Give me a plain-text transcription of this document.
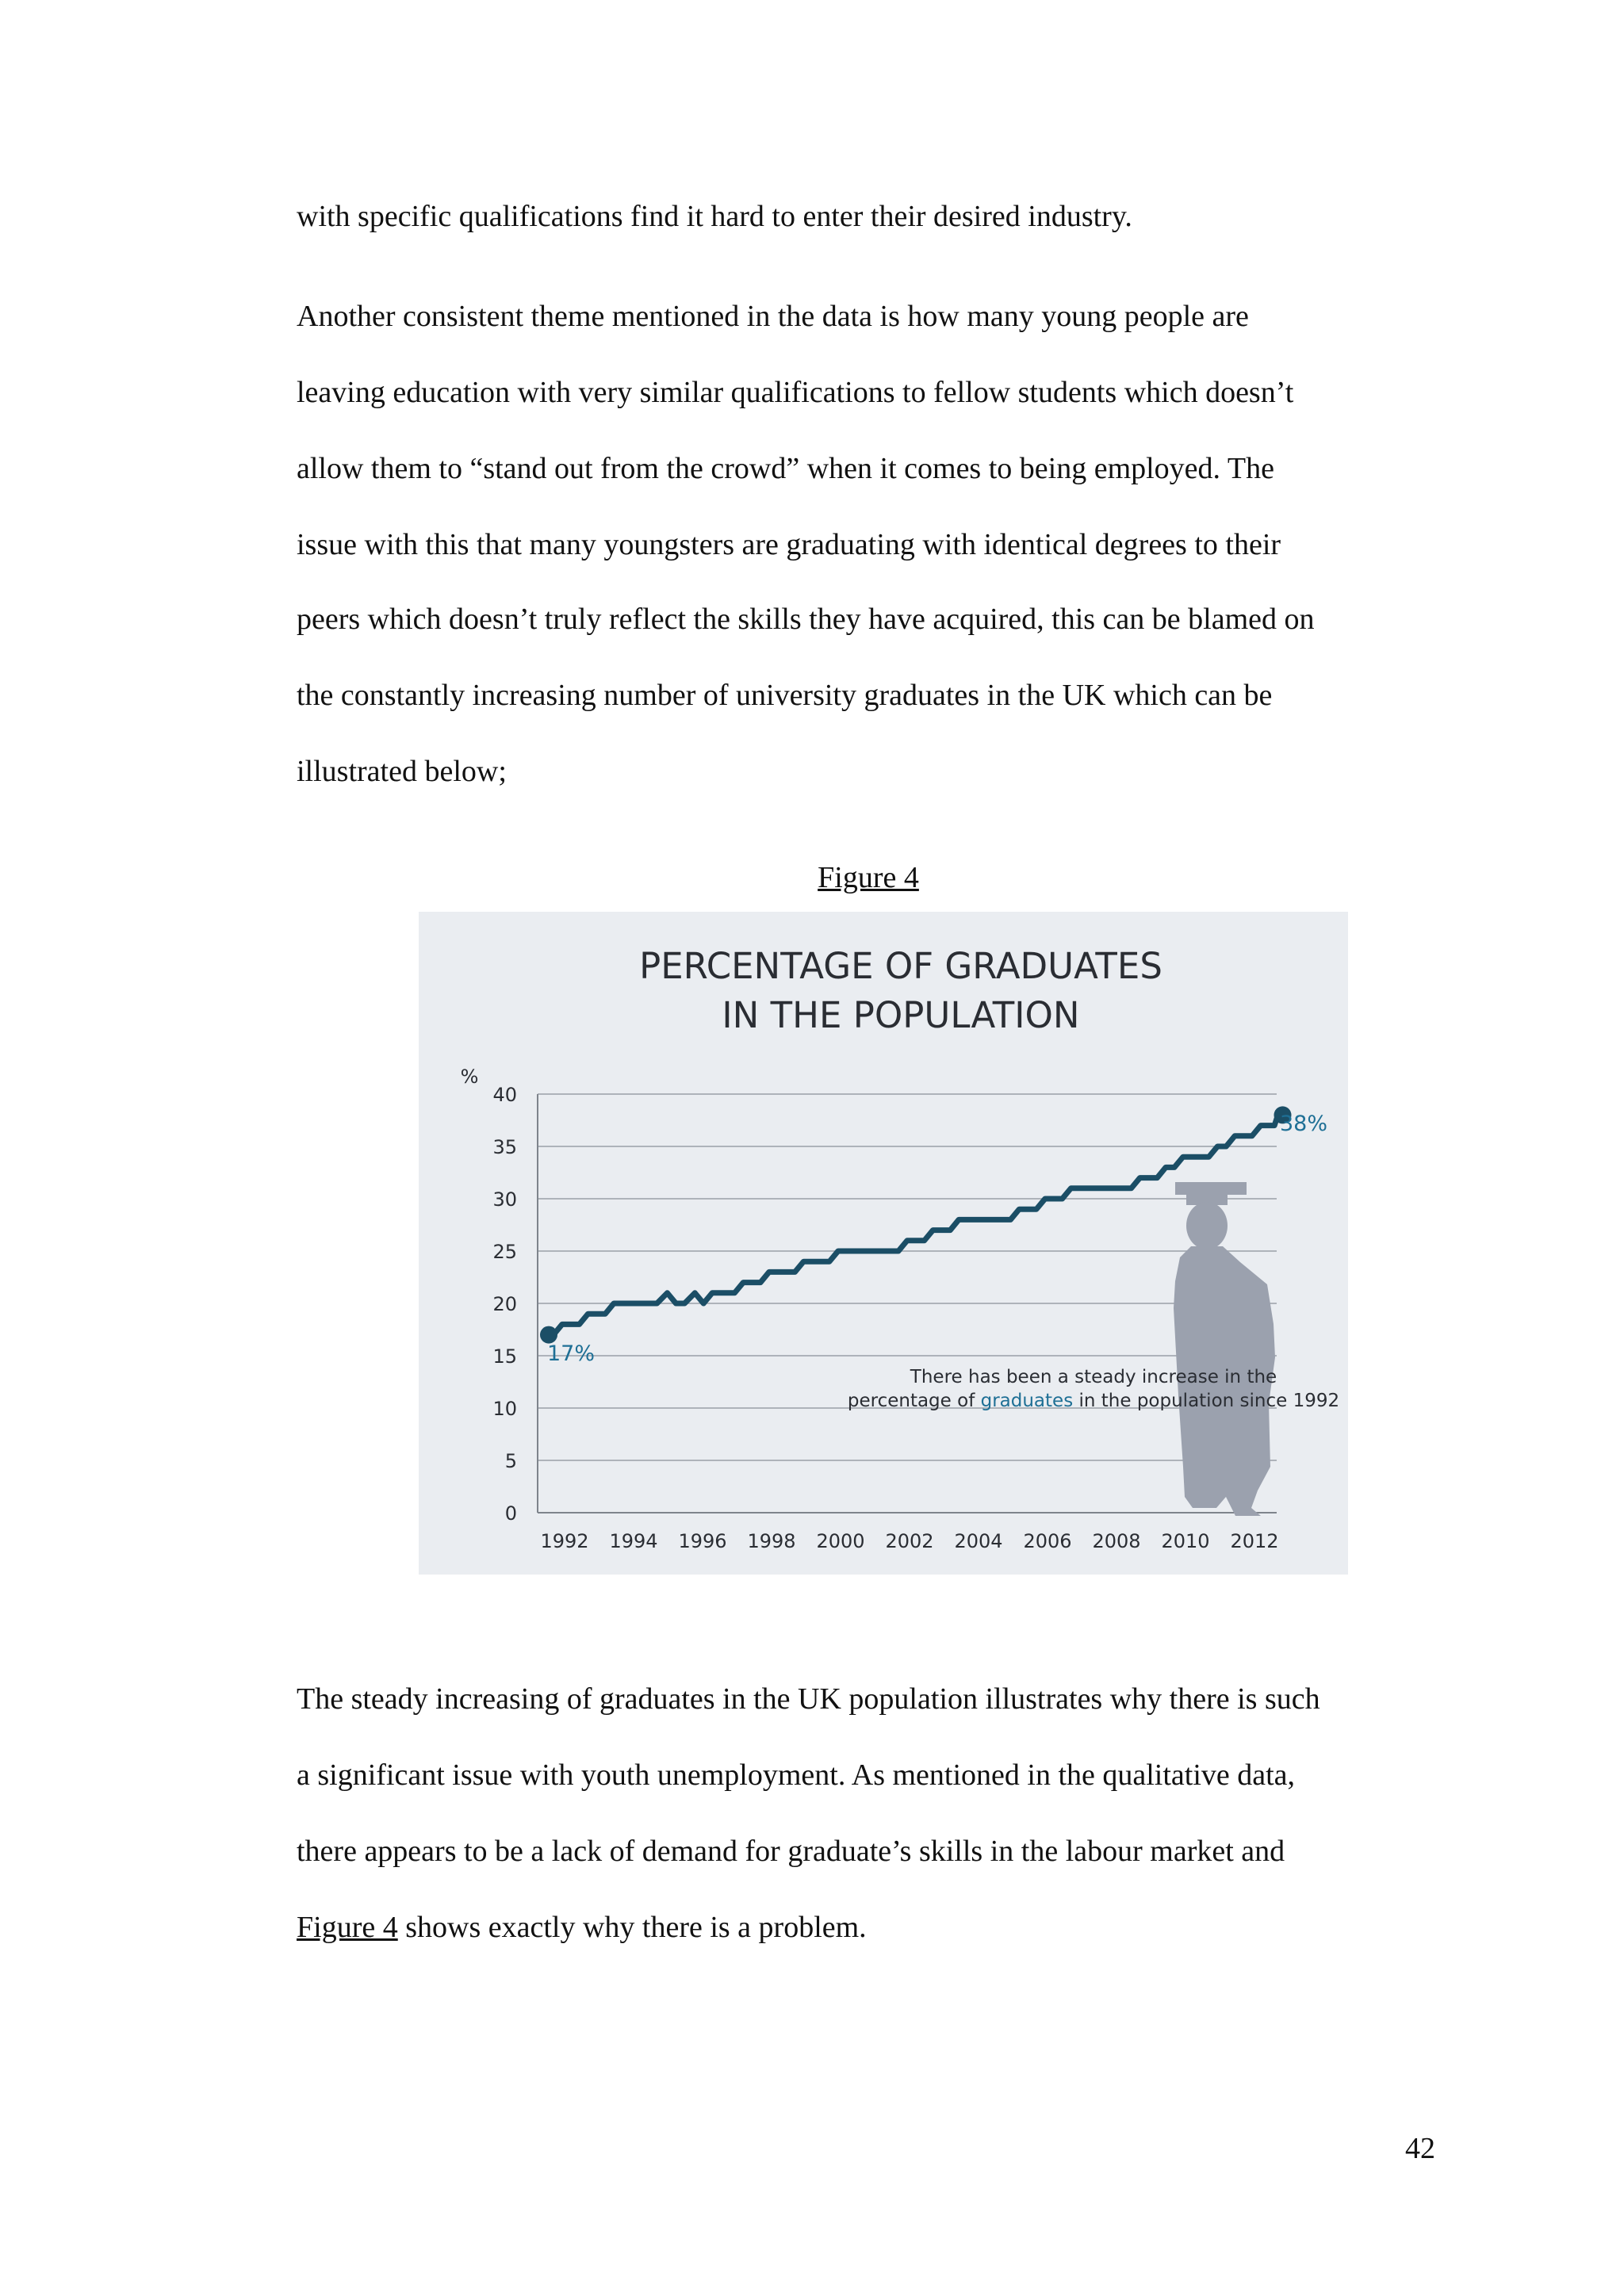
with specific qualifications find it hard to enter their desired industry.
Another consistent theme mentioned in the data is how many young people are
leaving education with very similar qualifications to fellow students which doesn’t
allow them to “stand out from the crowd” when it comes to being employed. The
issue with this that many youngsters are graduating with identical degrees to their
peers which doesn’t truly reflect the skills they have acquired, this can be blamed on
the constantly increasing number of university graduates in the UK which can be
illustrated below;
Figure 4
PERCENTAGE OF GRADUATES
IN THE POPULATION
%
0
5
10
15
20
25
30
35
40
1992 1994 1996 1998 2000 2002 2004 2006 2008 2010 2012
There has been a steady increase in the
percentage of graduates in the population since 1992
17%
38%
The steady increasing of graduates in the UK population illustrates why there is such
a significant issue with youth unemployment. As mentioned in the qualitative data,
there appears to be a lack of demand for graduate’s skills in the labour market and
Figure 4 shows exactly why there is a problem.
42
